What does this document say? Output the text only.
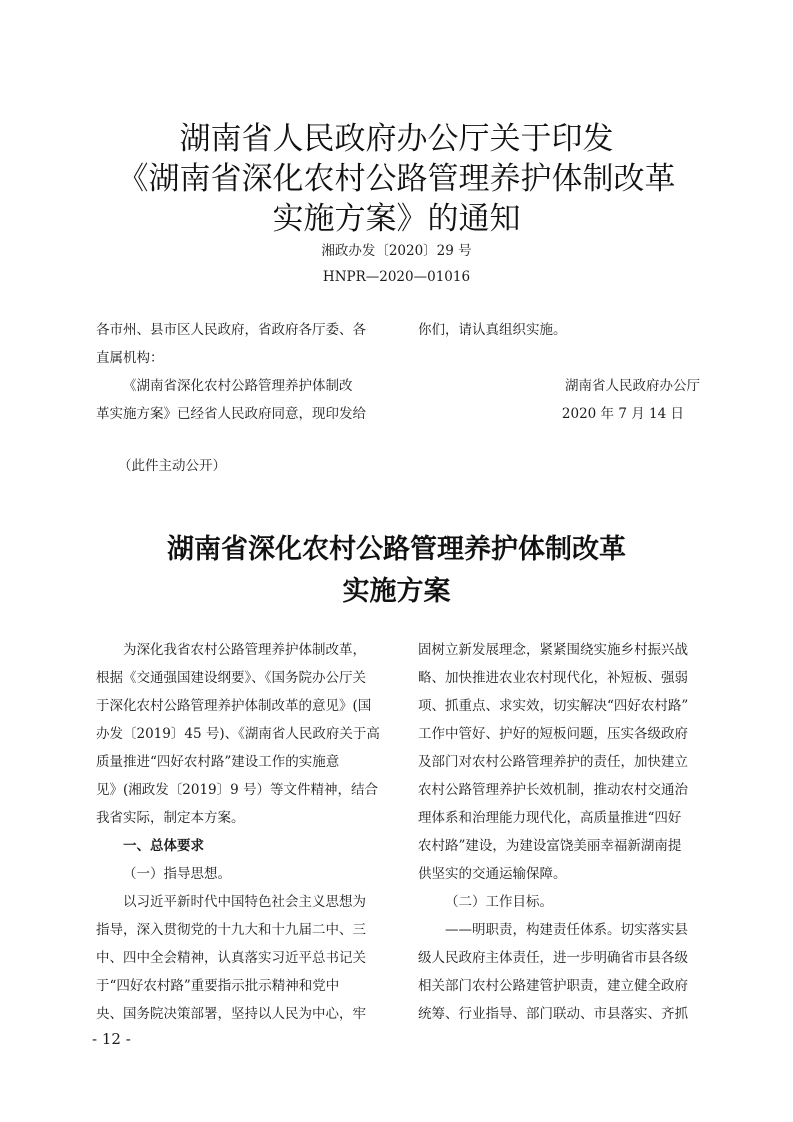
湖南省人民政府办公厅关于印发
《湖南省深化农村公路管理养护体制改革
实施方案》的通知
湘政办发〔2020〕29 号
HNPR—2020—01016

各市州、县市区人民政府，省政府各厅委、各

直属机构：

《湖南省深化农村公路管理养护体制改

革实施方案》已经省人民政府同意，现印发给

你们，请认真组织实施。

湖南省人民政府办公厅

2020 年 7 月 14 日

（此件主动公开）
湖南省深化农村公路管理养护体制改革
实施方案

为深化我省农村公路管理养护体制改革，

根据《交通强国建设纲要》、《国务院办公厅关

于深化农村公路管理养护体制改革的意见》(国

办发〔2019〕45 号)、《湖南省人民政府关于高

质量推进“四好农村路”建设工作的实施意

见》(湘政发〔2019〕9 号）等文件精神，结合

我省实际，制定本方案。

一、总体要求

（一）指导思想。

以习近平新时代中国特色社会主义思想为

指导，深入贯彻党的十九大和十九届二中、三

中、四中全会精神，认真落实习近平总书记关

于“四好农村路”重要指示批示精神和党中

央、国务院决策部署，坚持以人民为中心，牢

固树立新发展理念，紧紧围绕实施乡村振兴战

略、加快推进农业农村现代化，补短板、强弱

项、抓重点、求实效，切实解决“四好农村路”

工作中管好、护好的短板问题，压实各级政府

及部门对农村公路管理养护的责任，加快建立

农村公路管理养护长效机制，推动农村交通治

理体系和治理能力现代化，高质量推进“四好

农村路”建设，为建设富饶美丽幸福新湖南提

供坚实的交通运输保障。

（二）工作目标。

——明职责，构建责任体系。切实落实县

级人民政府主体责任，进一步明确省市县各级

相关部门农村公路建管护职责，建立健全政府

统筹、行业指导、部门联动、市县落实、齐抓

- 12 -
